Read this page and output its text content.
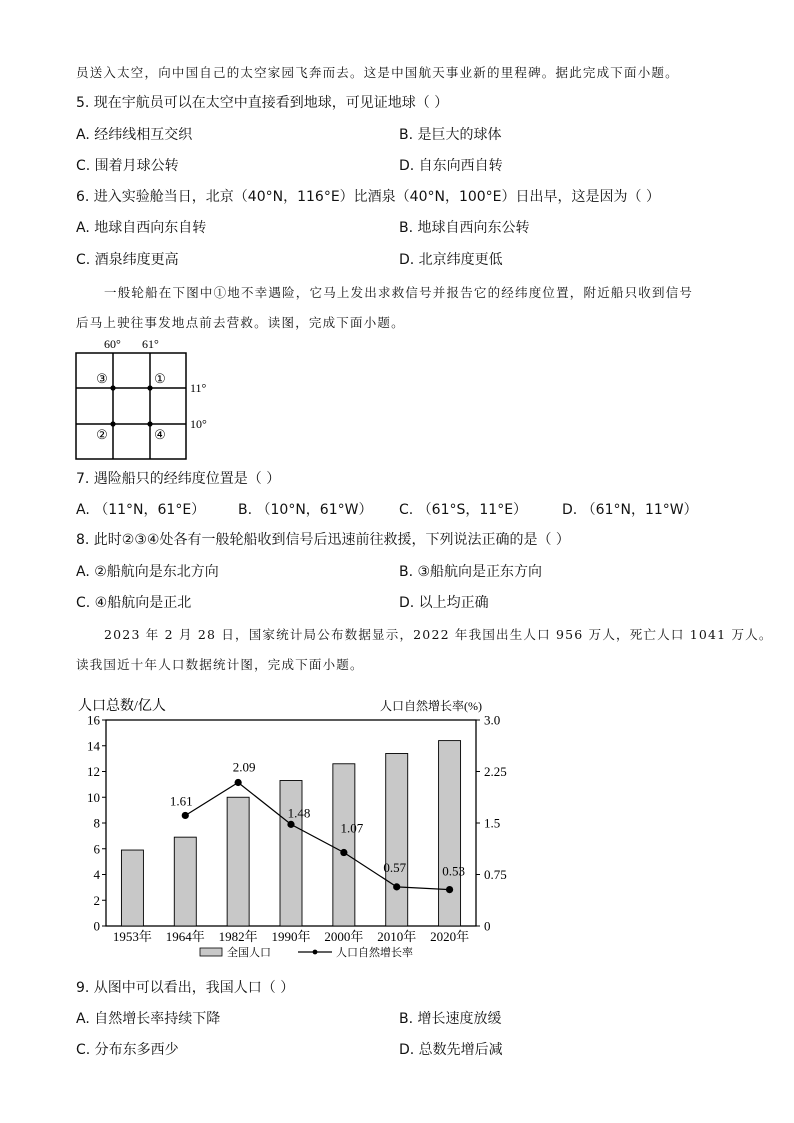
员送入太空，向中国自己的太空家园飞奔而去。这是中国航天事业新的里程碑。据此完成下面小题。
5. 现在宇航员可以在太空中直接看到地球，可见证地球（ ）
A. 经纬线相互交织	B. 是巨大的球体
C. 围着月球公转	D. 自东向西自转
6. 进入实验舱当日，北京（40°N，116°E）比酒泉（40°N，100°E）日出早，这是因为（ ）
A. 地球自西向东自转	B. 地球自西向东公转
C. 酒泉纬度更高	D. 北京纬度更低
一般轮船在下图中①地不幸遇险，它马上发出求救信号并报告它的经纬度位置，附近船只收到信号
后马上驶往事发地点前去营救。读图，完成下面小题。
60° 61°
11°
10°
③	①
②	④
7. 遇险船只的经纬度位置是（ ）
A. （11°N，61°E） B. （10°N，61°W） C. （61°S，11°E） D. （61°N，11°W）
8. 此时②③④处各有一般轮船收到信号后迅速前往救援，下列说法正确的是（ ）
A. ②船航向是东北方向	B. ③船航向是正东方向
C. ④船航向是正北	D. 以上均正确
2023 年 2 月 28 日，国家统计局公布数据显示，2022 年我国出生人口 956 万人，死亡人口 1041 万人。
读我国近十年人口数据统计图，完成下面小题。
人口总数/亿人	人口自然增长率(%)
0
2
4
6
8
10
12
14
16
0
0.75
1.5
2.25
3.0
1.61
2.09
1.48
1.07
0.57	0.53
1953年 1964年 1982年 1990年 2000年 2010年 2020年
全国人口	人口自然增长率
9. 从图中可以看出，我国人口（ ）
A. 自然增长率持续下降	B. 增长速度放缓
C. 分布东多西少	D. 总数先增后减
